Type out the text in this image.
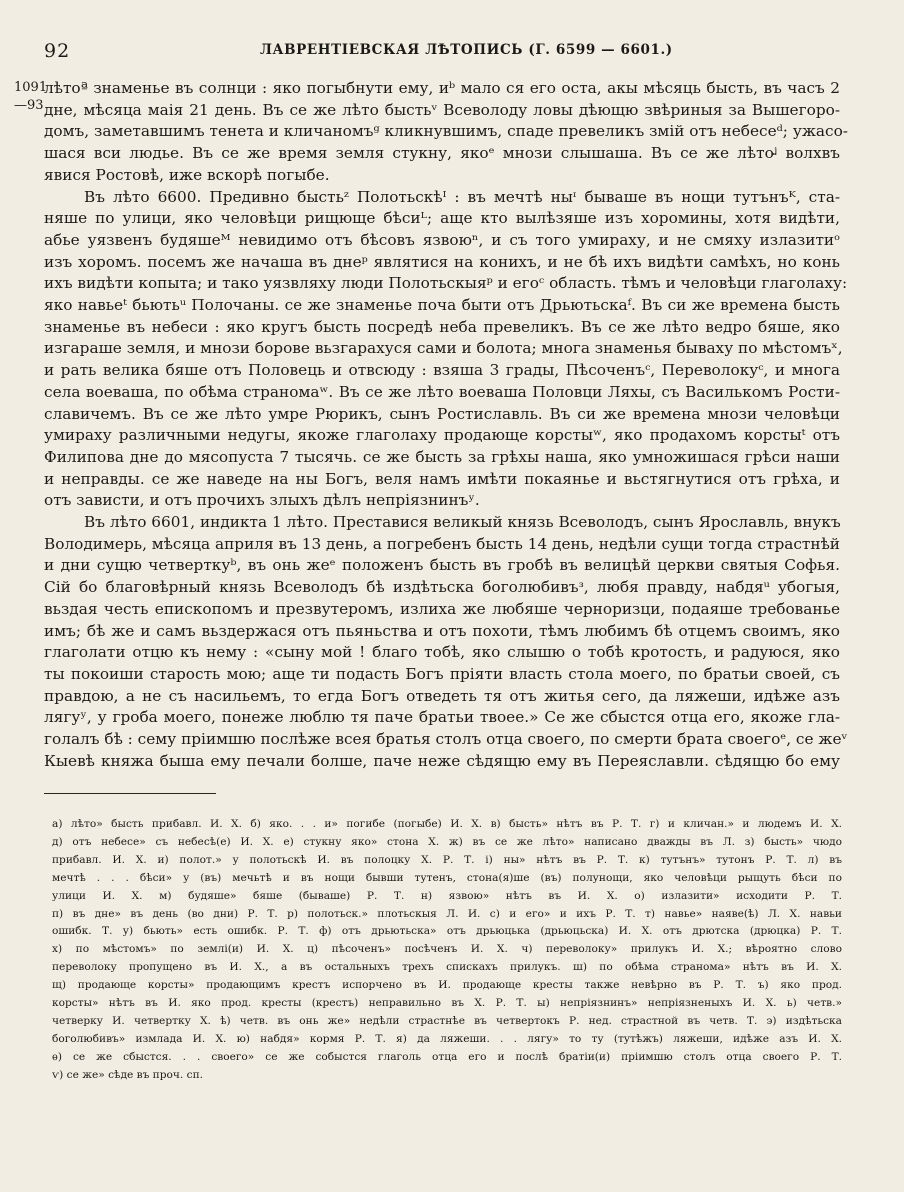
92	ЛАВРЕНТІЕВСКАЯ ЛѢТОПИСЬ (Г. 6599 — 6601.)
1091
—93
лѣтоª знаменье въ солнци : яко погыбнути ему, иᵇ мало ся его оста, акы мѣсяць бысть, въ часъ 2
дне, мѣсяца маія 21 день. Въ се же лѣто быстьᵛ Всеволоду ловы дѣющю звѣриныя за Вышегоро-
домъ, заметавшимъ тенета и кличаномъᵍ кликнувшимъ, спаде превеликъ змій отъ небесеᵈ; ужасо-
шася вси людье. Въ се же время земля стукну, якоᵉ мнози слышаша. Въ се же лѣтоᶨ волхвъ
явися Ростовѣ, иже вскорѣ погыбе.
Въ лѣто 6600. Предивно быстьᶻ Полотьскѣᴵ : въ мечтѣ ныᶦ бываше въ нощи тутънъᴷ, ста-
няше по улици, яко человѣци рищюще бѣсиᴸ; аще кто вылѣзяше изъ хоромины, хотя видѣти,
абье уязвенъ будяшеᴹ невидимо отъ бѣсовъ язвоюⁿ, и съ того умираху, и не смяху излазитиᵒ
изъ хоромъ. посемъ же начаша въ днеᵖ являтися на конихъ, и не бѣ ихъ видѣти самѣхъ, но конь
ихъ видѣти копыта; и тако уязвляху люди Полотьскыяᵖ и егоᶜ область. тѣмъ и человѣци глаголаху:
яко навьеᵗ бьютьᵘ Полочаны. се же знаменье поча быти отъ Дрьютьскаᶠ. Въ си же времена бысть
знаменье въ небеси : яко кругъ бысть посредѣ неба превеликъ. Въ се же лѣто ведро бяше, яко
изгараше земля, и мнози борове вьзгарахуся сами и болота; многа знаменья бываху по мѣстомъˣ,
и рать велика бяше отъ Половець и отвсюду : взяша 3 грады, Пѣсоченъᶜ, Переволокуᶜ, и многа
села воеваша, по обѣма страномаʷ. Въ се же лѣто воеваша Половци Ляхы, съ Василькомъ Рости-
славичемъ. Въ се же лѣто умре Рюрикъ, сынъ Ростиславль. Въ си же времена мнози человѣци
умираху различными недугы, якоже глаголаху продающе корстыʷ, яко продахомъ корстыᵗ отъ
Филипова дне до мясопуста 7 тысячь. се же бысть за грѣхы наша, яко умножишася грѣси наши
и неправды. се же наведе на ны Богъ, веля намъ имѣти покаянье и вьстягнутися отъ грѣха, и
отъ зависти, и отъ прочихъ злыхъ дѣлъ непріязнинъʸ.
Въ лѣто 6601, индикта 1 лѣто. Преставися великый князь Всеволодъ, сынъ Ярославль, внукъ
Володимерь, мѣсяца априля въ 13 день, а погребенъ бысть 14 день, недѣли сущи тогда страстнѣй
и дни сущю четверткуᵇ, въ онь жеᵉ положенъ бысть въ гробѣ въ велицѣй церкви святыя Софья.
Сій бо благовѣрный князь Всеволодъ бѣ издѣтьска боголюбивъᶟ, любя правду, набдяᵘ убогыя,
вьздая честь епископомъ и презвутеромъ, излиха же любяше черноризци, подаяше требованье
имъ; бѣ же и самъ вьздержася отъ пьяньства и отъ похоти, тѣмъ любимъ бѣ отцемъ своимъ, яко
глаголати отцю къ нему : «сыну мой ! благо тобѣ, яко слышю о тобѣ кротость, и радуюся, яко
ты покоиши старость мою; аще ти подасть Богъ пріяти власть стола моего, по братьи своей, съ
правдою, а не съ насильемъ, то егда Богъ отведеть тя отъ житья сего, да ляжеши, идѣже азъ
лягуʸ, у гроба моего, понеже люблю тя паче братьи твоее.» Се же сбыстся отца его, якоже гла-
голалъ бѣ : сему пріимшю послѣже всея братья столъ отца своего, по смерти брата своегоᵉ, се жеᵛ
Кыевѣ княжа быша ему печали болше, паче неже сѣдящю ему въ Переяславли. сѣдящю бо ему
а) лѣто» бысть прибавл. И. Х. б) яко. . . и» погибе (погыбе) И. Х. в) бысть» нѣтъ въ Р. Т. г) и кличан.» и людемъ И. Х.
д) отъ небесе» съ небесѣ(е) И. Х. е) стукну яко» стона Х. ж) въ се же лѣто» написано дважды въ Л. з) бысть» чюдо
прибавл. И. Х. и) полот.» у полотьскѣ И. въ полоцку Х. Р. Т. і) ны» нѣтъ въ Р. Т. к) тутънъ» тутонъ Р. Т. л) въ
мечтѣ . . . бѣси» у (въ) мечьтѣ и въ нощи бывши тутенъ, стона(я)ше (въ) полунощи, яко человѣци рыщуть бѣси по
улици И. Х. м) будяше» бяше (бываше) Р. Т. н) язвою» нѣтъ въ И. Х. о) излазити» исходити Р. Т.
п) въ дне» въ день (во дни) Р. Т. р) полотьск.» плотьскыя Л. И. с) и его» и ихъ Р. Т. т) навье» наяве(ѣ) Л. Х. навьи
ошибк. Т. у) бьють» есть ошибк. Р. Т. ф) отъ дрьютьска» отъ дрьюцька (дрьюцьска) И. Х. отъ дрютска (дрюцка) Р. Т.
х) по мѣстомъ» по землі(и) И. Х. ц) пѣсоченъ» посѣченъ И. Х. ч) переволоку» прилукъ И. Х.; вѣроятно слово
переволоку пропущено въ И. Х., а въ остальныхъ трехъ спискахъ прилукъ. ш) по обѣма странома» нѣтъ въ И. Х.
щ) продающе корсты» продающимъ крестъ испорчено въ И. продающе кресты также невѣрно въ Р. Т. ъ) яко прод.
корсты» нѣтъ въ И. яко прод. кресты (крестъ) неправильно въ Х. Р. Т. ы) непріязнинъ» непріязненыхъ И. Х. ь) четв.»
четверку И. четвертку Х. ѣ) четв. въ онь же» недѣли страстнѣе въ четвертокъ Р. нед. страстной въ четв. Т. э) издѣтьска
боголюбивъ» измлада И. Х. ю) набдя» кормя Р. Т. я) да ляжеши. . . лягу» то ту (тутѣжъ) ляжеши, идѣже азъ И. Х.
ѳ) се же сбыстся. . . своего» се же собыстся глаголь отца его и послѣ братіи(и) пріимшю столъ отца своего Р. Т.
ѵ) се же» сѣде въ проч. сп.
